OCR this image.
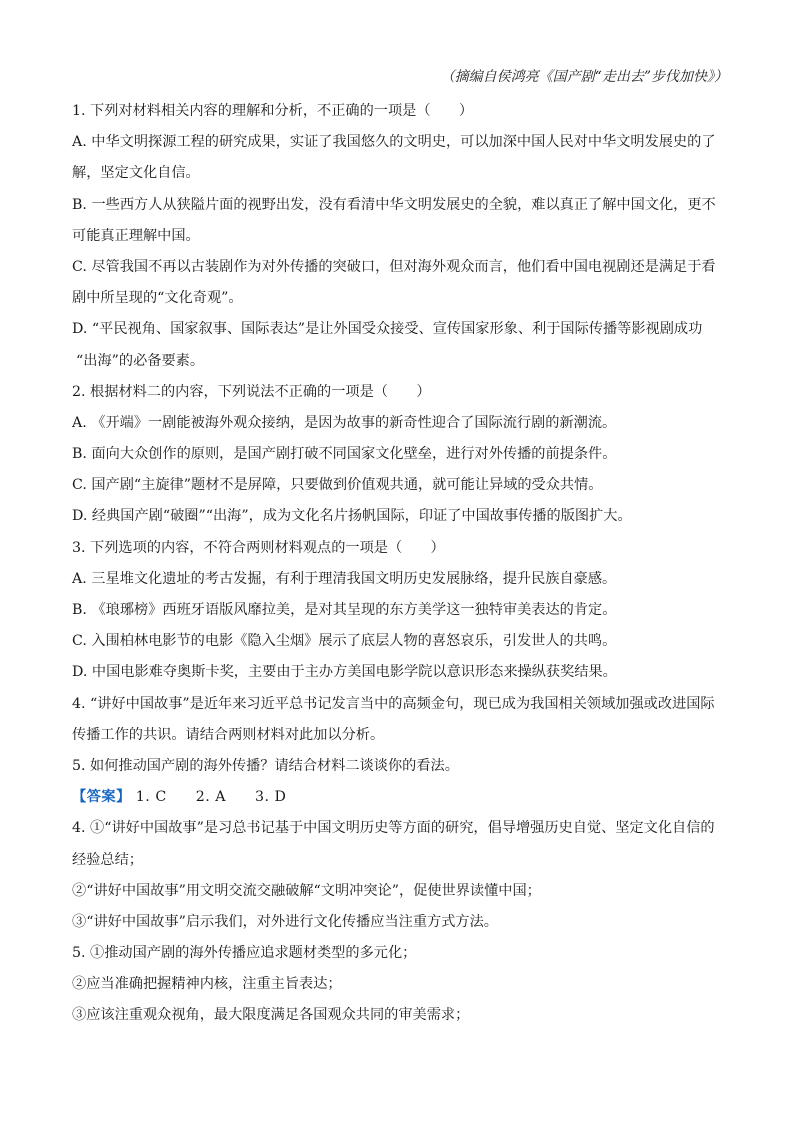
（摘编自侯鸿亮《国产剧“走出去”步伐加快》）
1. 下列对材料相关内容的理解和分析，不正确的一项是（　　）
A. 中华文明探源工程的研究成果，实证了我国悠久的文明史，可以加深中国人民对中华文明发展史的了
解，坚定文化自信。
B. 一些西方人从狭隘片面的视野出发，没有看清中华文明发展史的全貌，难以真正了解中国文化，更不
可能真正理解中国。
C. 尽管我国不再以古装剧作为对外传播的突破口，但对海外观众而言，他们看中国电视剧还是满足于看
剧中所呈现的“文化奇观”。
D. “平民视角、国家叙事、国际表达”是让外国受众接受、宣传国家形象、利于国际传播等影视剧成功
“出海”的必备要素。
2. 根据材料二的内容，下列说法不正确的一项是（　　）
A. 《开端》一剧能被海外观众接纳，是因为故事的新奇性迎合了国际流行剧的新潮流。
B. 面向大众创作的原则，是国产剧打破不同国家文化壁垒，进行对外传播的前提条件。
C. 国产剧“主旋律”题材不是屏障，只要做到价值观共通，就可能让异域的受众共情。
D. 经典国产剧“破圈”“出海”，成为文化名片扬帆国际，印证了中国故事传播的版图扩大。
3. 下列选项的内容，不符合两则材料观点的一项是（　　）
A. 三星堆文化遗址的考古发掘，有利于理清我国文明历史发展脉络，提升民族自豪感。
B. 《琅琊榜》西班牙语版风靡拉美，是对其呈现的东方美学这一独特审美表达的肯定。
C. 入围柏林电影节的电影《隐入尘烟》展示了底层人物的喜怒哀乐，引发世人的共鸣。
D. 中国电影难夺奥斯卡奖，主要由于主办方美国电影学院以意识形态来操纵获奖结果。
4. “讲好中国故事”是近年来习近平总书记发言当中的高频金句，现已成为我国相关领域加强或改进国际
传播工作的共识。请结合两则材料对此加以分析。
5. 如何推动国产剧的海外传播？请结合材料二谈谈你的看法。
【答案】 1. C 2. A 3. D
4. ①“讲好中国故事”是习总书记基于中国文明历史等方面的研究，倡导增强历史自觉、坚定文化自信的
经验总结；
②“讲好中国故事”用文明交流交融破解“文明冲突论”，促使世界读懂中国；
③“讲好中国故事”启示我们，对外进行文化传播应当注重方式方法。
5. ①推动国产剧的海外传播应追求题材类型的多元化；
②应当准确把握精神内核，注重主旨表达；
③应该注重观众视角，最大限度满足各国观众共同的审美需求；
